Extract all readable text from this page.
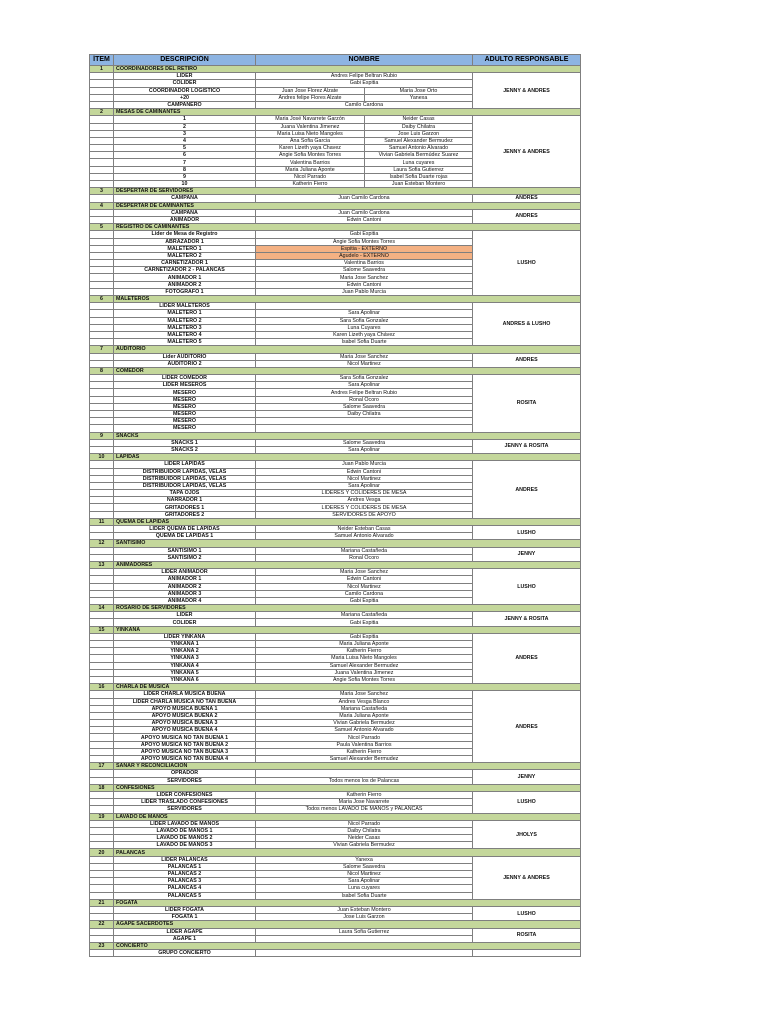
ÍTEM	DESCRIPCIÓN	NOMBRE		ADULTO RESPONSABLE
1	COORDINADORES DEL RETIRO			
	LIDER	Andres Felipe Beltran Rubio		JENNY & ANDRES
	COLIDER	Gabi Espitia		
	COORDINADOR LOGISTICO	Juan Jose Florez Alzate	Maria Jose Orto	
	+20	Andres felipe Flores Alzate	Yanexa	
	CAMPANERO	Camilo Cardona		
2	MESAS DE CAMINANTES			
	1	Maria José Navarrete Garzón	Neider Casas	JENNY & ANDRES
	2	Juana Valentina Jimenez	Daiby Chilatra	
	3	Maria Luisa Nieto Mangoles	Jose Luis Garzon	
	4	Ana Sofia Garcia	Samuel Alexander Bermudez	
	5	Karen Lizeth yaya Chavez	Samuel Antonio Alvarado	
	6	Angie Sofia Montes Torres	Vivian Gabriela Bermúdez Suarez	
	7	Valentina Barrios	Luna cuyares	
	8	Maria Juliana Aponte	Laura Sofia Gutierrez	
	9	Nicol Parrado	Isabel Sofia Duarte rojas	
	10	Katherin Fierro	Juan Esteban Montero	
3	DESPERTAR DE SERVIDORES			
	CAMPANA	Juan Camilo Cardona		ANDRES
4	DESPERTAR DE CAMINANTES			
	CAMPANA	Juan Camilo Cardona		ANDRES
	ANIMADOR	Edwin Cantoni		
5	REGISTRO DE CAMINANTES			
	Lider de Mesa de Registro	Gabi Espitia		LUSHO
	ABRAZADOR 1	Angie Sofia Montes Torres		
	MALETERO 1	Espitia - EXTERNO		
	MALETERO 2	Agudelo - EXTERNO		
	CARNETIZADOR 1	Valentina Barrios		
	CARNETIZADOR 2 - PALANCAS	Salome Saavedra		
	ANIMADOR 1	Maria Jose Sanchez		
	ANIMADOR 2	Edwin Cantoni		
	FOTÓGRAFO 1	Juan Pablo Murcia		
6	MALETEROS			
	LIDER MALETEROS			ANDRES & LUSHO
	MALETERO 1	Sara Apolinar		
	MALETERO 2	Sara Sofia Gonzalez		
	MALETERO 3	Luna Cuyares		
	MALETERO 4	Karen Lizeth yaya Chávez		
	MALETERO 5	Isabel Sofia Duarte		
7	AUDITORIO			
	Lider AUDITORIO	Maria Jose Sanchez		ANDRES
	AUDITORIO 2	Nicol Martinez		
8	COMEDOR			
	LIDER COMEDOR	Sara Sofia Gonzalez		ROSITA
	LIDER MESEROS	Sara Apolinar		
	MESERO	Andres Felipe Beltran Rubio		
	MESERO	Ronal Ocoro		
	MESERO	Salome Saavedra		
	MESERO	Daiby Chilatra		
	MESERO			
	MESERO			
9	SNACKS			
	SNACKS 1	Salome Saavedra		JENNY & ROSITA
	SNACKS 2	Sara Apolinar		
10	LAPIDAS			
	LIDER LAPIDAS	Juan Pablo Murcia		ANDRES
	DISTRIBUIDOR LAPIDAS, VELAS	Edwin Cantoni		
	DISTRIBUIDOR LAPIDAS, VELAS	Nicol Martinez		
	DISTRIBUIDOR LAPIDAS, VELAS	Sara Apolinar		
	TAPA OJOS	LIDERES Y COLIDERES DE MESA		
	NARRADOR 1	Andres Vesga		
	GRITADORES 1	LIDERES Y COLIDERES DE MESA		
	GRITADORES 2	SERVIDORES DE APOYO		
11	QUEMA DE LAPIDAS			
	LIDER QUEMA DE LAPIDAS	Neider Esteban Casas		LUSHO
	QUEMA DE LAPIDAS 1	Samuel Antonio Alvarado		
12	SANTISIMO			
	SANTISIMO 1	Mariana Castañeda		JENNY
	SANTISIMO 2	Ronal Ocoro		
13	ANIMADORES			
	LIDER ANIMADOR	Maria Jose Sanchez		LUSHO
	ANIMADOR 1	Edwin Cantoni		
	ANIMADOR 2	Nicol Martinez		
	ANIMADOR 3	Camilo Cardona		
	ANIMADOR 4	Gabi Espitia		
14	ROSARIO DE SERVIDORES			
	LIDER	Mariana Castañeda		JENNY & ROSITA
	COLIDER	Gabi Espitia		
15	YINKANA			
	LIDER YINKANA	Gabi Espitia		ANDRES
	YINKANA 1	Maria Juliana Aponte		
	YINKANA 2	Katherin Fierro		
	YINKANA 3	Maria Luisa Nieto Mangoles		
	YINKANA 4	Samuel Alexander Bermudez		
	YINKANA 5	Juana Valentina Jimenez		
	YINKANA 6	Angie Sofia Montes Torres		
16	CHARLA DE MUSICA			
	LIDER CHARLA MUSICA BUENA	Maria Jose Sanchez		ANDRES
	LIDER CHARLA MUSICA NO TAN BUENA	Andres Vesga Blanco		
	APOYO MUSICA BUENA 1	Mariana Castañeda		
	APOYO MUSICA BUENA 2	Maria Juliana Aponte		
	APOYO MUSICA BUENA 3	Vivian Gabriela Bermudez		
	APOYO MUSICA BUENA 4	Samuel Antonio Alvarado		
	APOYO MUSICA NO TAN BUENA 1	Nicol Parrado		
	APOYO MUSICA NO TAN BUENA 2	Paula Valentina Barrios		
	APOYO MUSICA NO TAN BUENA 3	Katherin Fierro		
	APOYO MUSICA NO TAN BUENA 4	Samuel Alexander Bermudez		
17	SANAR Y RECONCILIACION			
	OPRADOR			JENNY
	SERVIDORES	Todos menos los de Palancas		
18	CONFESIONES			
	LIDER CONFESIONES	Katherin Fierro		LUSHO
	LIDER TRASLADO CONFESIONES	Maria Jose Navarrete		
	SERVIDORES	Todos menos LAVADO DE MANOS y PALANCAS		
19	LAVADO DE MANOS			
	LIDER LAVADO DE MANOS	Nicol Parrado		JHOLYS
	LAVADO DE MANOS 1	Daiby Chilatra		
	LAVADO DE MANOS 2	Neider Casas		
	LAVADO DE MANOS 3	Vivian Gabriela Bermudez		
20	PALANCAS			
	LIDER PALANCAS	Yanexa		JENNY & ANDRES
	PALANCAS 1	Salome Saavedra		
	PALANCAS 2	Nicol Martinez		
	PALANCAS 3	Sara Apolinar		
	PALANCAS 4	Luna cuyares		
	PALANCAS 5	Isabel Sofia Duarte		
21	FOGATA			
	LIDER FOGATA	Juan Esteban Montero		LUSHO
	FOGATA 1	Jose Luis Garzon		
22	AGAPE SACERDOTES			
	LIDER AGAPE	Laura Sofia Gutierrez		ROSITA
	AGAPE 1			
23	CONCIERTO			
	GRUPO CONCIERTO			
